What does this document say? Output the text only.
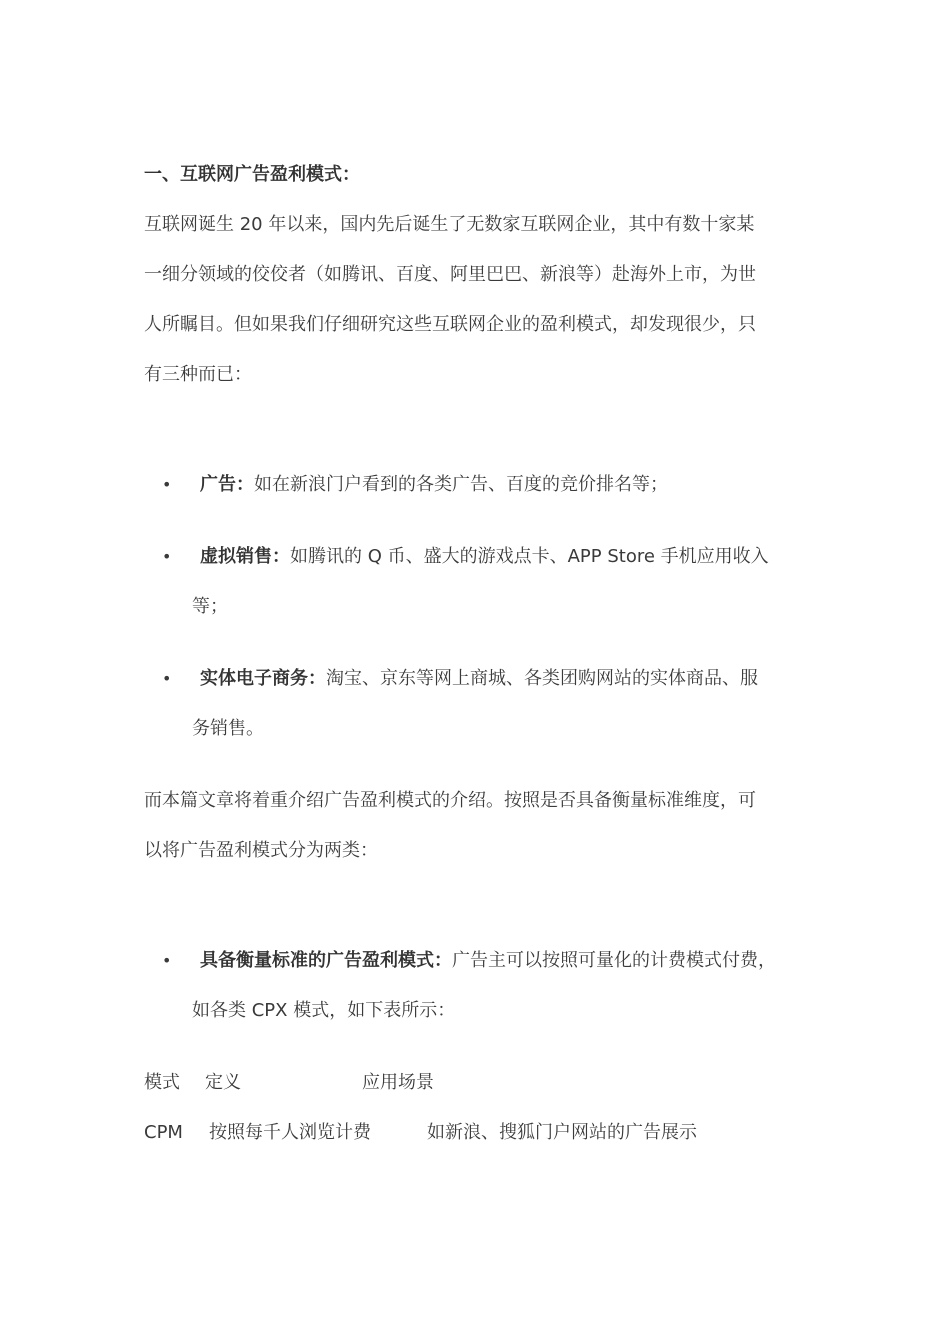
一、互联网广告盈利模式：

互联网诞生 20 年以来，国内先后诞生了无数家互联网企业，其中有数十家某
一细分领域的佼佼者（如腾讯、百度、阿里巴巴、新浪等）赴海外上市，为世
人所瞩目。但如果我们仔细研究这些互联网企业的盈利模式，却发现很少，只
有三种而已：
•	广告：如在新浪门户看到的各类广告、百度的竞价排名等；
•	虚拟销售：如腾讯的 Q 币、盛大的游戏点卡、APP Store 手机应用收入
等；
•	实体电子商务：淘宝、京东等网上商城、各类团购网站的实体商品、服
务销售。
而本篇文章将着重介绍广告盈利模式的介绍。按照是否具备衡量标准维度，可
以将广告盈利模式分为两类：
•	具备衡量标准的广告盈利模式：广告主可以按照可量化的计费模式付费，
如各类 CPX 模式，如下表所示：
模式 定义	应用场景
CPM 按照每千人浏览计费	如新浪、搜狐门户网站的广告展示
